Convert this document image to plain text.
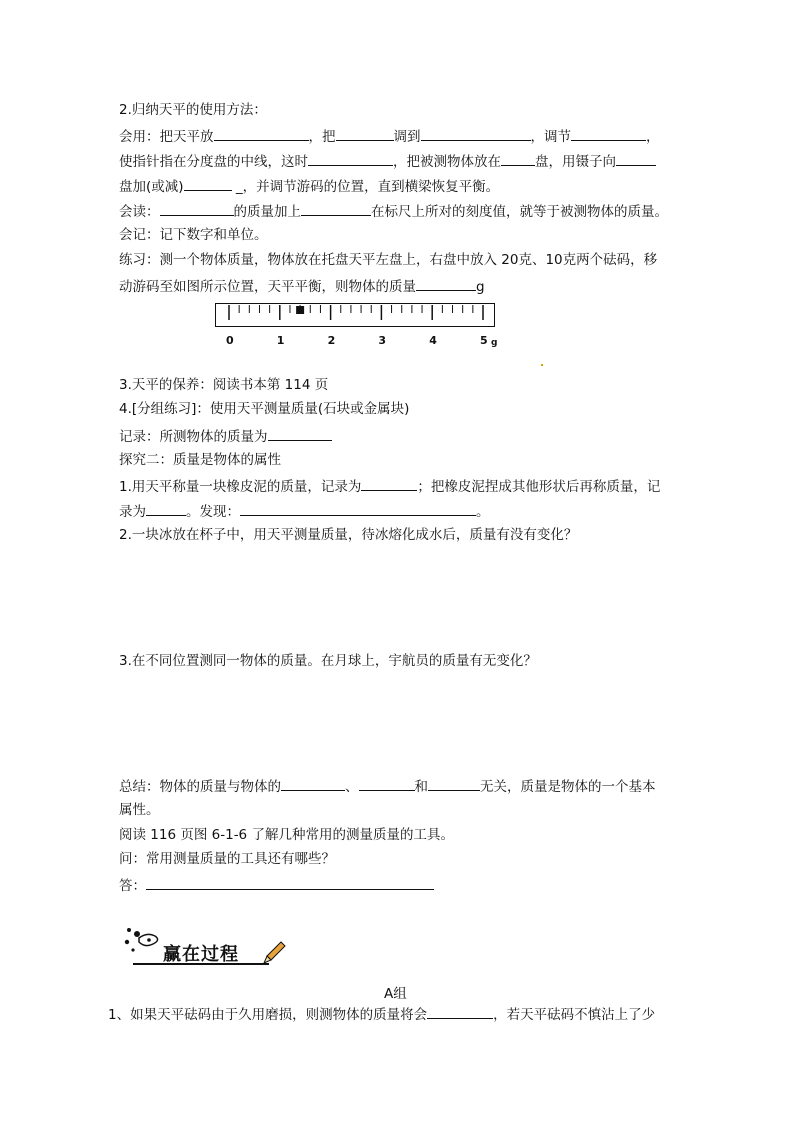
2.归纳天平的使用方法：
会用：把天平放	，把	调到	，调节	，
使指针指在分度盘的中线，这时	，把被测物体放在	盘，用镊子向
盘加(或减)	_，并调节游码的位置，直到横梁恢复平衡。
会读：	的质量加上	在标尺上所对的刻度值，就等于被测物体的质量。
会记：记下数字和单位。
练习：测一个物体质量，物体放在托盘天平左盘上，右盘中放入 20克、10克两个砝码，移
动游码至如图所示位置，天平平衡，则物体的质量	g
0	1	2	3	4	5 g
3.天平的保养：阅读书本第 114 页
4.[分组练习]：使用天平测量质量(石块或金属块)
记录：所测物体的质量为
探究二：质量是物体的属性
1.用天平称量一块橡皮泥的质量，记录为	；把橡皮泥捏成其他形状后再称质量，记
录为	。发现：	。
2.一块冰放在杯子中，用天平测量质量，待冰熔化成水后，质量有没有变化？
3.在不同位置测同一物体的质量。在月球上，宇航员的质量有无变化？
总结：物体的质量与物体的	、	和	无关，质量是物体的一个基本
属性。
阅读 116 页图 6-1-6 了解几种常用的测量质量的工具。
问：常用测量质量的工具还有哪些？
答：
赢在过程
A组
1、如果天平砝码由于久用磨损，则测物体的质量将会	，若天平砝码不慎沾上了少
